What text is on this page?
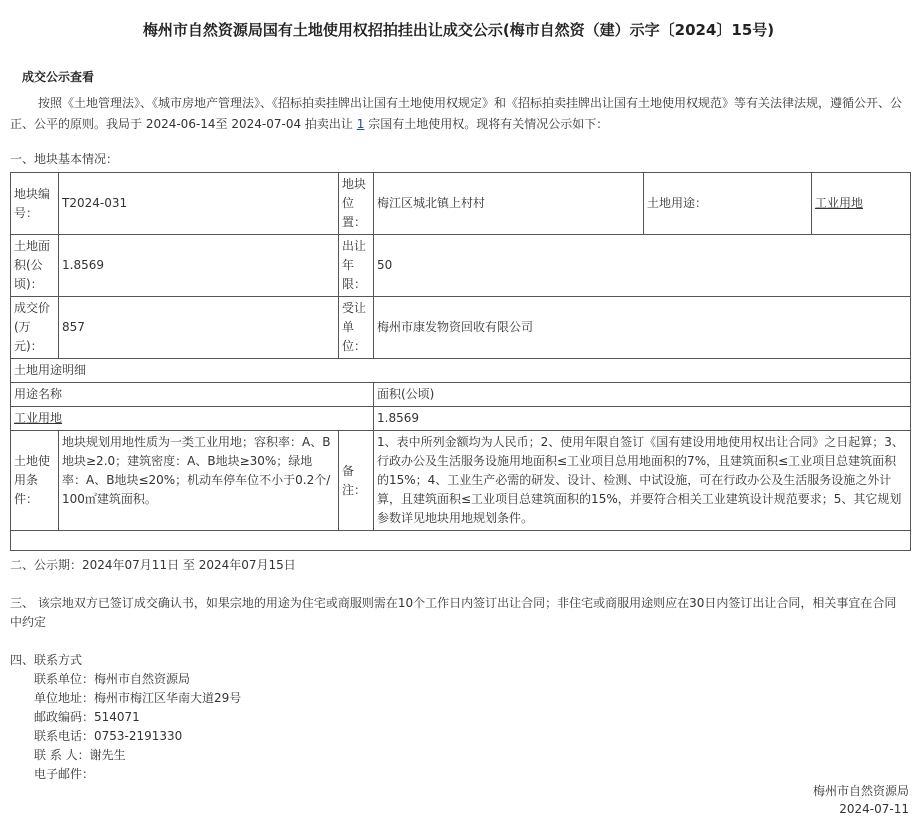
梅州市自然资源局国有土地使用权招拍挂出让成交公示(梅市自然资（建）示字〔2024〕15号)
成交公示查看
按照《土地管理法》、《城市房地产管理法》、《招标拍卖挂牌出让国有土地使用权规定》和《招标拍卖挂牌出让国有土地使用权规范》等有关法律法规，遵循公开、公正、公平的原则。我局于 2024-06-14至 2024-07-04 拍卖出让 1 宗国有土地使用权。现将有关情况公示如下：
一、地块基本情况：
地块编号：	T2024-031	地块位置：	梅江区城北镇上村村	土地用途：	工业用地
土地面积(公顷)：	1.8569	出让年限：	50		
成交价(万元)：	857	受让单位：	梅州市康发物资回收有限公司		
土地用途明细					
用途名称			面积(公顷)		
工业用地			1.8569		
土地使用条件：	地块规划用地性质为一类工业用地；容积率：A、B地块≥2.0；建筑密度：A、B地块≥30%；绿地率：A、B地块≤20%；机动车停车位不小于0.2个/100㎡建筑面积。	备注：	1、表中所列金额均为人民币；2、使用年限自签订《国有建设用地使用权出让合同》之日起算；3、行政办公及生活服务设施用地面积≤工业项目总用地面积的7%，且建筑面积≤工业项目总建筑面积的15%；4、工业生产必需的研发、设计、检测、中试设施，可在行政办公及生活服务设施之外计算，且建筑面积≤工业项目总建筑面积的15%，并要符合相关工业建筑设计规范要求；5、其它规划参数详见地块用地规划条件。		

二、公示期：2024年07月11日 至 2024年07月15日
三、 该宗地双方已签订成交确认书，如果宗地的用途为住宅或商服则需在10个工作日内签订出让合同；非住宅或商服用途则应在30日内签订出让合同，相关事宜在合同中约定
四、联系方式
联系单位：梅州市自然资源局
单位地址：梅州市梅江区华南大道29号
邮政编码：514071
联系电话：0753-2191330
联 系 人：谢先生
电子邮件：
梅州市自然资源局
2024-07-11
